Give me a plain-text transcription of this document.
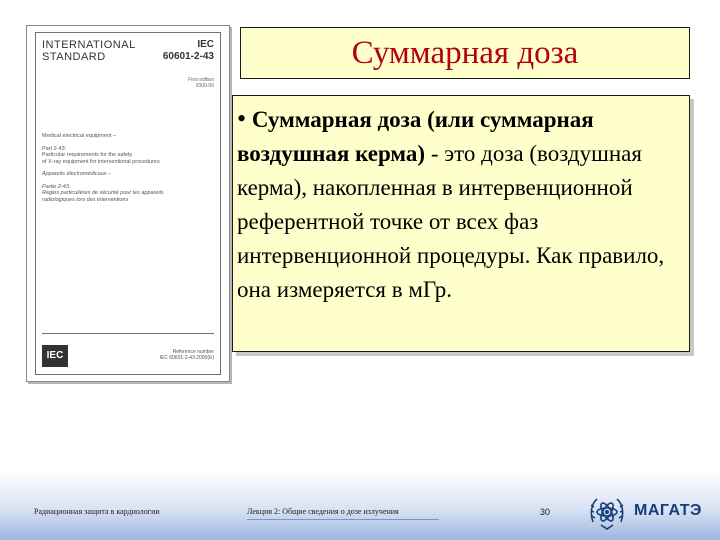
INTERNATIONAL
STANDARD
IEC
60601-2-43
First edition
2000-06
Medical electrical equipment –
Part 2-43:
Particular requirements for the safety
of X-ray equipment for interventional procedures
Appareils électromédicaux –
Partie 2-43:
Règles particulières de sécurité pour les appareils
radiologiques lors des interventions
IEC	Reference number
IEC 60601-2-43:2000(E)
Суммарная доза
• Суммарная доза (или суммарная воздушная керма) - это доза (воздушная керма), накопленная в интервенционной референтной точке от всех фаз интервенционной процедуры. Как правило, она измеряется в мГр.
Радиационная защита в кардиологии	Лекция 2: Общие сведения о дозе излучения	30	МАГАТЭ
